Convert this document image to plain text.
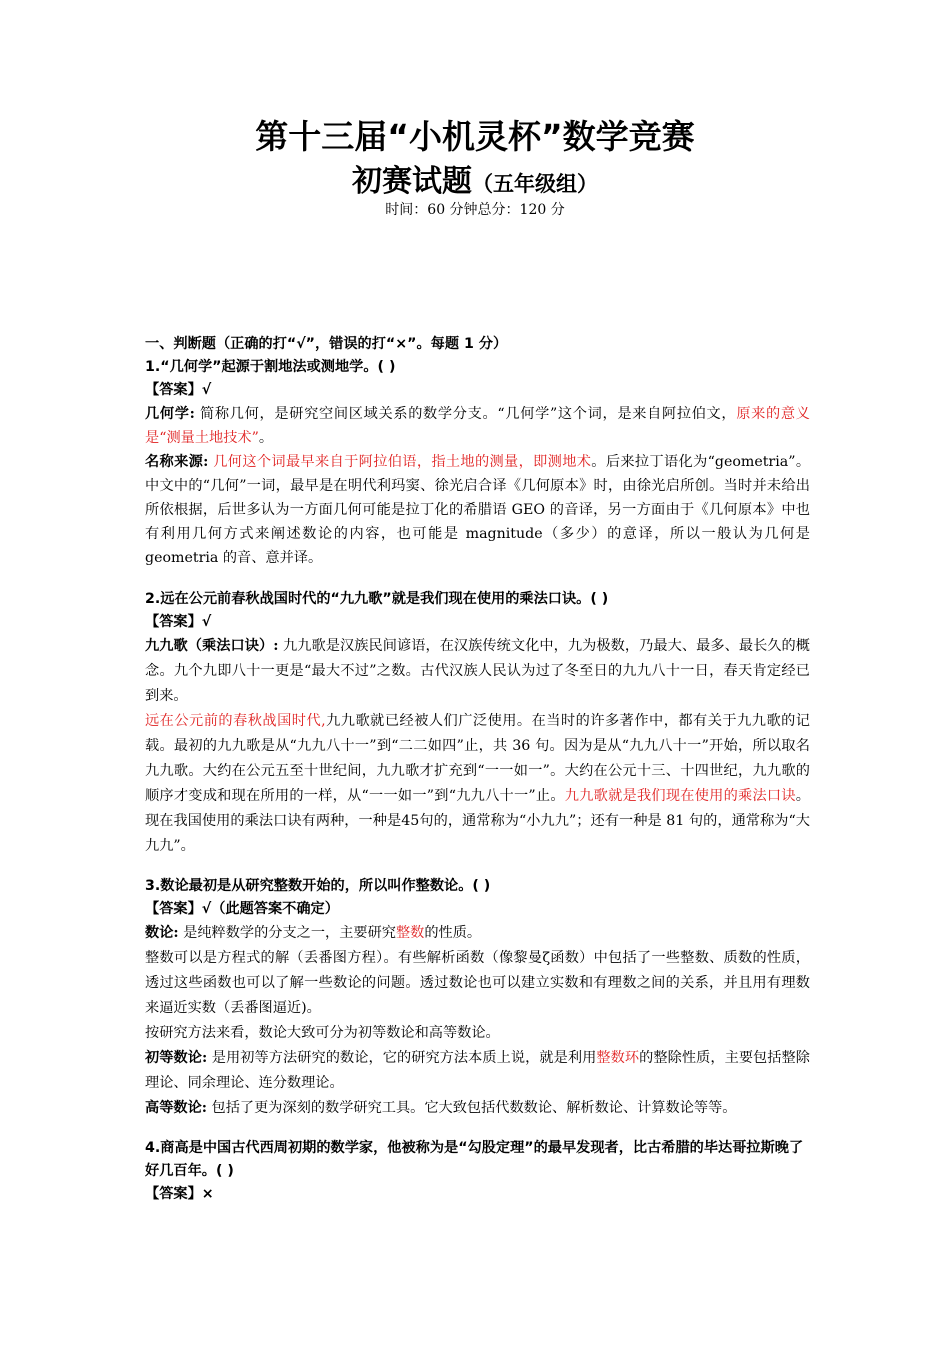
第十三届“小机灵杯”数学竞赛
初赛试题（五年级组）
时间：60 分钟总分：120 分
一、判断题（正确的打“√”，错误的打“×”。每题 1 分）
1.“几何学”起源于割地法或测地学。( )
【答案】√
几何学: 简称几何，是研究空间区域关系的数学分支。“几何学”这个词，是来自阿拉伯文，原来的意义是“测量土地技术”。
名称来源: 几何这个词最早来自于阿拉伯语，指土地的测量，即测地术。后来拉丁语化为“geometria”。中文中的“几何”一词，最早是在明代利玛窦、徐光启合译《几何原本》时，由徐光启所创。当时并未给出所依根据，后世多认为一方面几何可能是拉丁化的希腊语 GEO 的音译，另一方面由于《几何原本》中也有利用几何方式来阐述数论的内容，也可能是 magnitude（多少）的意译，所以一般认为几何是 geometria 的音、意并译。
2.远在公元前春秋战国时代的“九九歌”就是我们现在使用的乘法口诀。( )
【答案】√
九九歌（乘法口诀）: 九九歌是汉族民间谚语，在汉族传统文化中，九为极数，乃最大、最多、最长久的概念。九个九即八十一更是“最大不过”之数。古代汉族人民认为过了冬至日的九九八十一日，春天肯定经已到来。
远在公元前的春秋战国时代,九九歌就已经被人们广泛使用。在当时的许多著作中，都有关于九九歌的记载。最初的九九歌是从“九九八十一”到“二二如四”止，共 36 句。因为是从“九九八十一”开始，所以取名九九歌。大约在公元五至十世纪间，九九歌才扩充到“一一如一”。大约在公元十三、十四世纪，九九歌的顺序才变成和现在所用的一样，从“一一如一”到“九九八十一”止。九九歌就是我们现在使用的乘法口诀。现在我国使用的乘法口诀有两种，一种是45句的，通常称为“小九九”；还有一种是 81 句的，通常称为“大九九”。
3.数论最初是从研究整数开始的，所以叫作整数论。( )
【答案】√（此题答案不确定）
数论: 是纯粹数学的分支之一，主要研究整数的性质。
整数可以是方程式的解（丢番图方程）。有些解析函数（像黎曼ζ函数）中包括了一些整数、质数的性质，透过这些函数也可以了解一些数论的问题。透过数论也可以建立实数和有理数之间的关系，并且用有理数来逼近实数（丢番图逼近)。
按研究方法来看，数论大致可分为初等数论和高等数论。
初等数论: 是用初等方法研究的数论，它的研究方法本质上说，就是利用整数环的整除性质，主要包括整除理论、同余理论、连分数理论。
高等数论: 包括了更为深刻的数学研究工具。它大致包括代数数论、解析数论、计算数论等等。
4.商高是中国古代西周初期的数学家，他被称为是“勾股定理”的最早发现者，比古希腊的毕达哥拉斯晚了好几百年。( )
【答案】×
